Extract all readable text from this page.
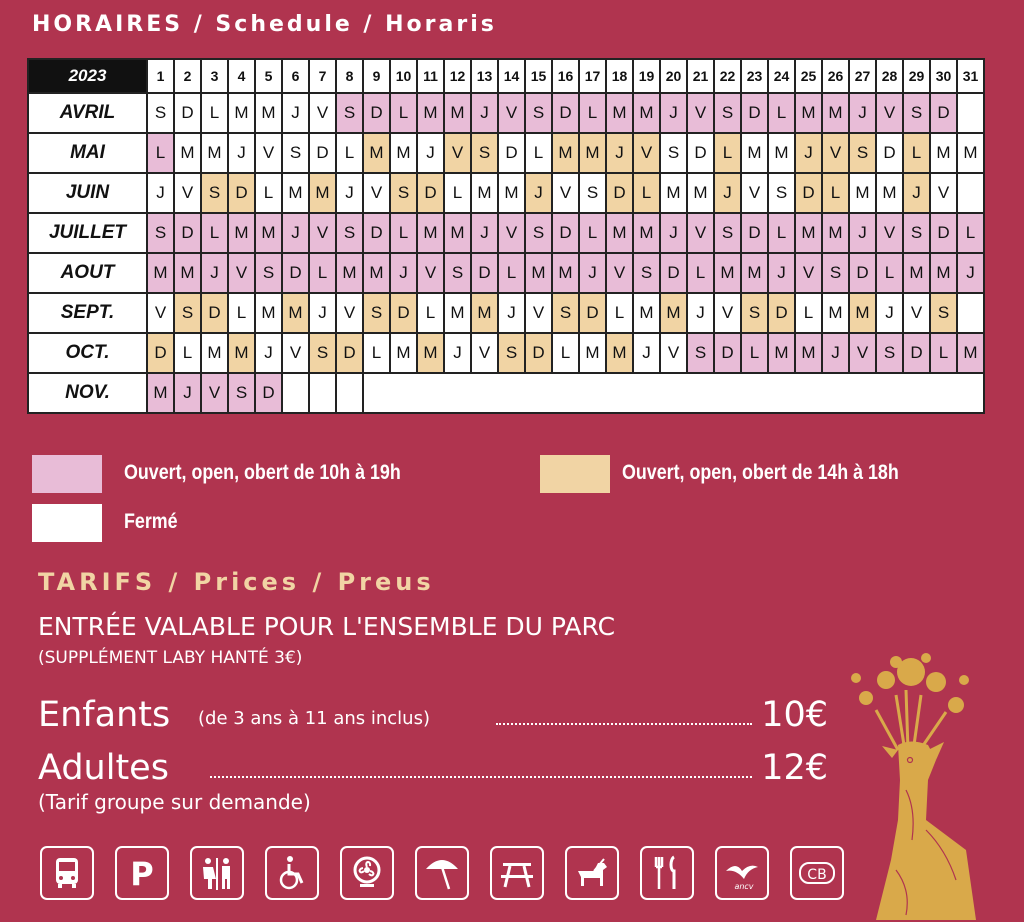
HORAIRES / Schedule / Horaris
2023	1	2	3	4	5	6	7	8	9	10	11	12	13	14	15	16	17	18	19	20	21	22	23	24	25	26	27	28	29	30	31
AVRIL	S	D	L	M	M	J	V	S	D	L	M	M	J	V	S	D	L	M	M	J	V	S	D	L	M	M	J	V	S	D	
MAI	L	M	M	J	V	S	D	L	M	M	J	V	S	D	L	M	M	J	V	S	D	L	M	M	J	V	S	D	L	M	M
JUIN	J	V	S	D	L	M	M	J	V	S	D	L	M	M	J	V	S	D	L	M	M	J	V	S	D	L	M	M	J	V	
JUILLET	S	D	L	M	M	J	V	S	D	L	M	M	J	V	S	D	L	M	M	J	V	S	D	L	M	M	J	V	S	D	L
AOUT	M	M	J	V	S	D	L	M	M	J	V	S	D	L	M	M	J	V	S	D	L	M	M	J	V	S	D	L	M	M	J
SEPT.	V	S	D	L	M	M	J	V	S	D	L	M	M	J	V	S	D	L	M	M	J	V	S	D	L	M	M	J	V	S	
OCT.	D	L	M	M	J	V	S	D	L	M	M	J	V	S	D	L	M	M	J	V	S	D	L	M	M	J	V	S	D	L	M
NOV.	M	J	V	S	D																										
Ouvert, open, obert de 10h à 19h	Ouvert, open, obert de 14h à 18h
Fermé
TARIFS / Prices / Preus
ENTRÉE VALABLE POUR L'ENSEMBLE DU PARC
(SUPPLÉMENT LABY HANTÉ 3€)
Enfants (de 3 ans à 11 ans inclus)	10€
Adultes	12€
(Tarif groupe sur demande)
P	ancv
CB
